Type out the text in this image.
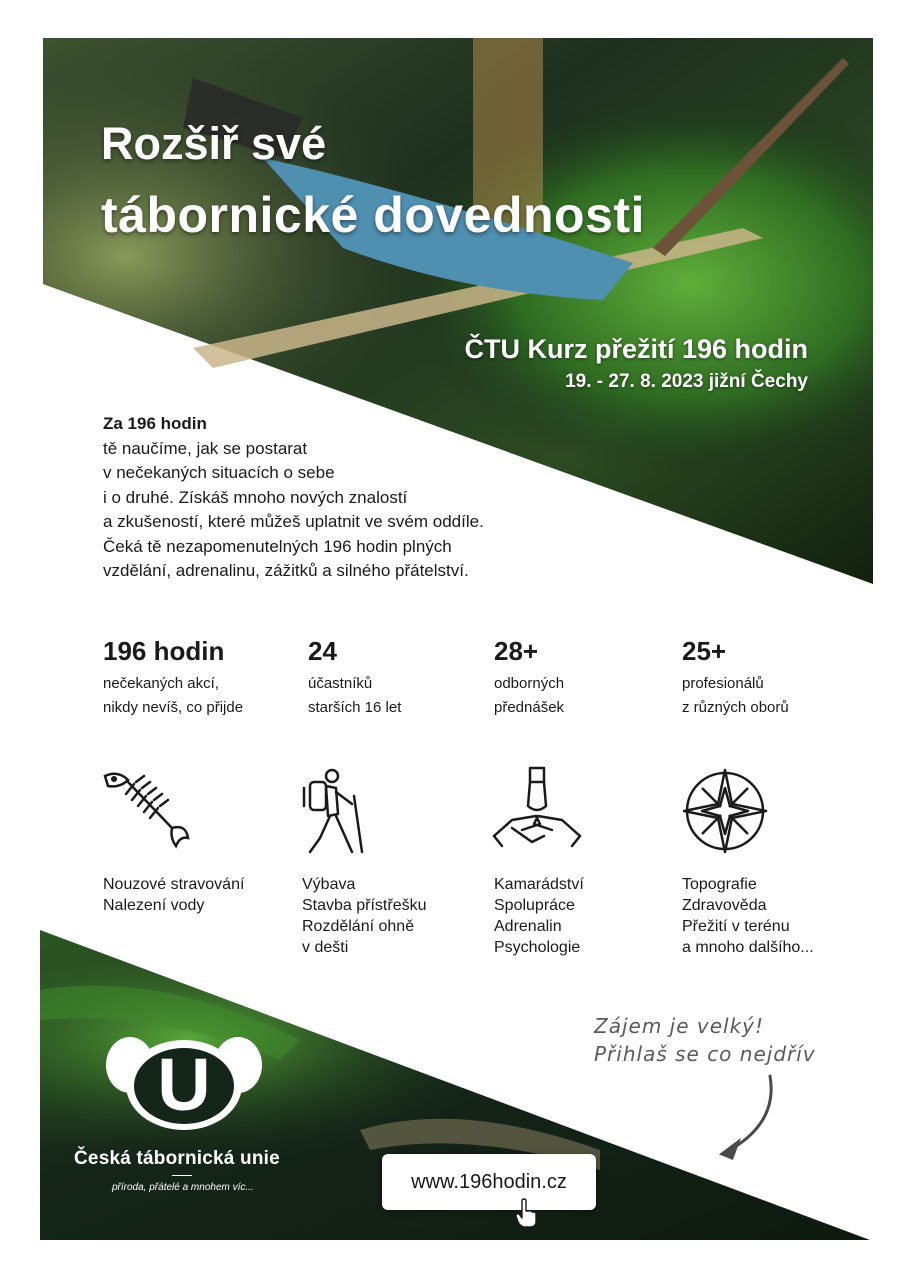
Rozšiř své
tábornické dovednosti
ČTU Kurz přežití 196 hodin
19. - 27. 8. 2023 jižní Čechy
Za 196 hodin
tě naučíme, jak se postarat
v nečekaných situacích o sebe
i o druhé. Získáš mnoho nových znalostí
a zkušeností, které můžeš uplatnit ve svém oddíle.
Čeká tě nezapomenutelných 196 hodin plných
vzdělání, adrenalinu, zážitků a silného přátelství.
196 hodin
nečekaných akcí,
nikdy nevíš, co přijde
24
účastníků
starších 16 let
28+
odborných
přednášek
25+
profesionálů
z různých oborů
Nouzové stravování
Nalezení vody
Výbava
Stavba přístřešku
Rozdělání ohně
v dešti
Kamarádství
Spolupráce
Adrenalin
Psychologie
Topografie
Zdravověda
Přežití v terénu
a mnoho dalšího...
U
Česká tábornická unie
příroda, přátelé a mnohem víc...
Zájem je velký!
Přihlaš se co nejdřív
www.196hodin.cz
